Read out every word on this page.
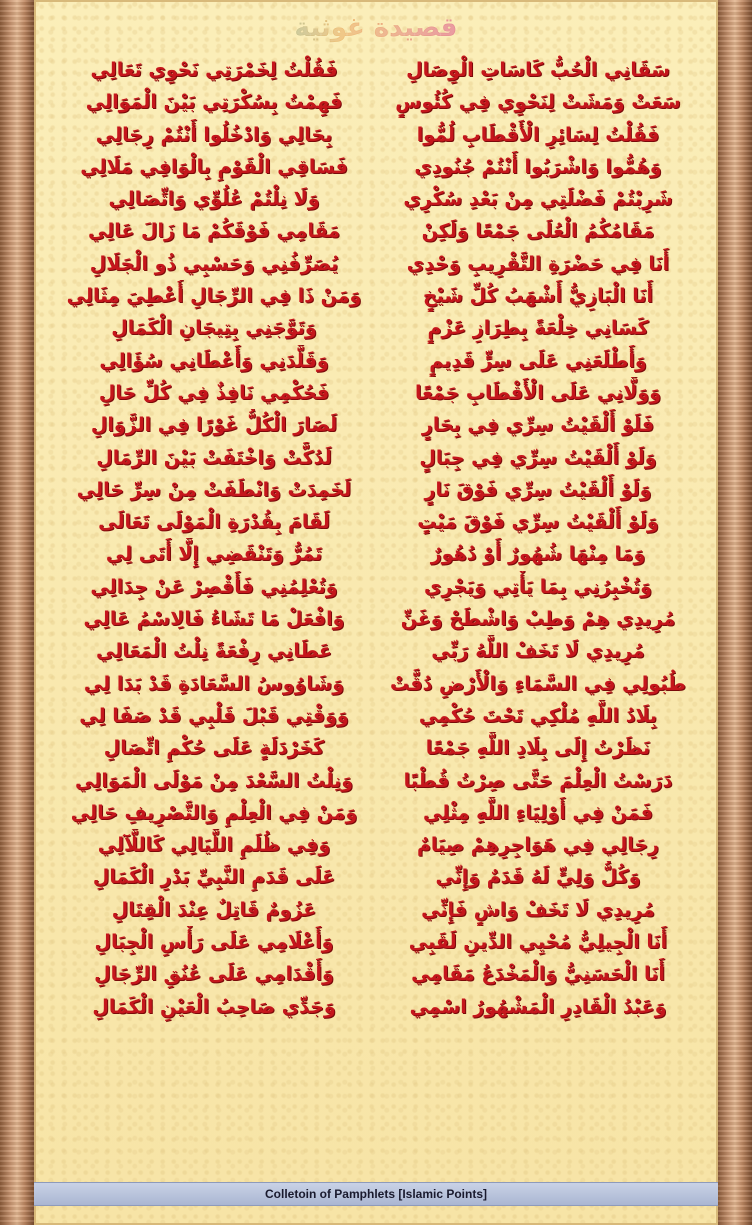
قصيدة غوثية
سَقَانِي الْحُبُّ كَاسَاتِ الْوِصَالِ
فَقُلْتُ لِخَمْرَتِي نَحْوِي تَعَالِي
سَعَتْ وَمَشَتْ لِنَحْوِي فِي كُئُوسٍ
فَهِمْتُ بِسُكْرَتِي بَيْنَ الْمَوَالِي
فَقُلْتُ لِسَائِرِ الْأَقْطَابِ لُمُّوا
بِحَالِي وَادْخُلُوا أَنْتُمْ رِجَالِي
وَهُمُّوا وَاشْرَبُوا أَنْتُمْ جُنُودِي
فَسَاقِي الْقَوْمِ بِالْوَافِي مَلَالِي
شَرِبْتُمْ فَضْلَتِي مِنْ بَعْدِ سُكْرِي
وَلَا نِلْتُمْ عُلُوِّي وَاتِّصَالِي
مَقَامُكُمُ الْعُلَى جَمْعًا وَلَكِنْ
مَقَامِي فَوْقَكُمْ مَا زَالَ عَالِي
أَنَا فِي حَضْرَةِ التَّقْرِيبِ وَحْدِي
يُصَرِّفُنِي وَحَسْبِي ذُو الْجَلَالِ
أَنَا الْبَازِيُّ أَشْهَبُ كُلِّ شَيْخٍ
وَمَنْ ذَا فِي الرِّجَالِ أُعْطِيَ مِثَالِي
كَسَانِي خِلْعَةً بِطِرَازِ عَزْمٍ
وَتَوَّجَنِي بِتِيجَانِ الْكَمَالِ
وَأَطْلَعَنِي عَلَى سِرٍّ قَدِيمٍ
وَقَلَّدَنِي وَأَعْطَانِي سُؤَالِي
وَوَلَّانِي عَلَى الْأَقْطَابِ جَمْعًا
فَحُكْمِي نَافِذٌ فِي كُلِّ حَالِ
فَلَوْ أَلْقَيْتُ سِرِّي فِي بِحَارٍ
لَصَارَ الْكُلُّ غَوْرًا فِي الزَّوَالِ
وَلَوْ أَلْقَيْتُ سِرِّي فِي جِبَالٍ
لَدُكَّتْ وَاخْتَفَتْ بَيْنَ الرِّمَالِ
وَلَوْ أَلْقَيْتُ سِرِّي فَوْقَ نَارٍ
لَخَمِدَتْ وَانْطَفَتْ مِنْ سِرِّ حَالِي
وَلَوْ أَلْقَيْتُ سِرِّي فَوْقَ مَيْتٍ
لَقَامَ بِقُدْرَةِ الْمَوْلَى تَعَالَى
وَمَا مِنْهَا شُهُورٌ أَوْ دُهُورٌ
تَمُرُّ وَتَنْقَضِي إِلَّا أَتَى لِي
وَتُخْبِرُنِي بِمَا يَأْتِي وَيَجْرِي
وَتُعْلِمُنِي فَأَقْصِرْ عَنْ جِدَالِي
مُرِيدِي هِمْ وَطِبْ وَاشْطَحْ وَغَنِّ
وَافْعَلْ مَا تَشَاءُ فَالِاسْمُ عَالِي
مُرِيدِي لَا تَخَفْ اللَّهُ رَبِّي
عَطَانِي رِفْعَةً نِلْتُ الْمَعَالِي
طُبُولِي فِي السَّمَاءِ وَالْأَرْضِ دُقَّتْ
وَشَاوُوسُ السَّعَادَةِ قَدْ بَدَا لِي
بِلَادُ اللَّهِ مُلْكِي تَحْتَ حُكْمِي
وَوَقْتِي قَبْلَ قَلْبِي قَدْ صَفَا لِي
نَظَرْتُ إِلَى بِلَادِ اللَّهِ جَمْعًا
كَخَرْدَلَةٍ عَلَى حُكْمِ اتِّصَالِ
دَرَسْتُ الْعِلْمَ حَتَّى صِرْتُ قُطْبًا
وَنِلْتُ السَّعْدَ مِنْ مَوْلَى الْمَوَالِي
فَمَنْ فِي أَوْلِيَاءِ اللَّهِ مِثْلِي
وَمَنْ فِي الْعِلْمِ وَالتَّصْرِيفِ حَالِي
رِجَالِي فِي هَوَاجِرِهِمْ صِيَامٌ
وَفِي ظُلَمِ اللَّيَالِي كَاللَّآلِي
وَكُلُّ وَلِيٍّ لَهُ قَدَمٌ وَإِنِّي
عَلَى قَدَمِ النَّبِيِّ بَدْرِ الْكَمَالِ
مُرِيدِي لَا تَخَفْ وَاشٍ فَإِنِّي
عَزُومٌ قَاتِلٌ عِنْدَ الْقِتَالِ
أَنَا الْجِيلِيُّ مُحْيِي الدِّينِ لَقَبِي
وَأَعْلَامِي عَلَى رَأْسِ الْجِبَالِ
أَنَا الْحَسَنِيُّ وَالْمَخْدَعُ مَقَامِي
وَأَقْدَامِي عَلَى عُنُقِ الرِّجَالِ
وَعَبْدُ الْقَادِرِ الْمَشْهُورُ اسْمِي
وَجَدِّي صَاحِبُ الْعَيْنِ الْكَمَالِ
Colletoin of Pamphlets [Islamic Points]
